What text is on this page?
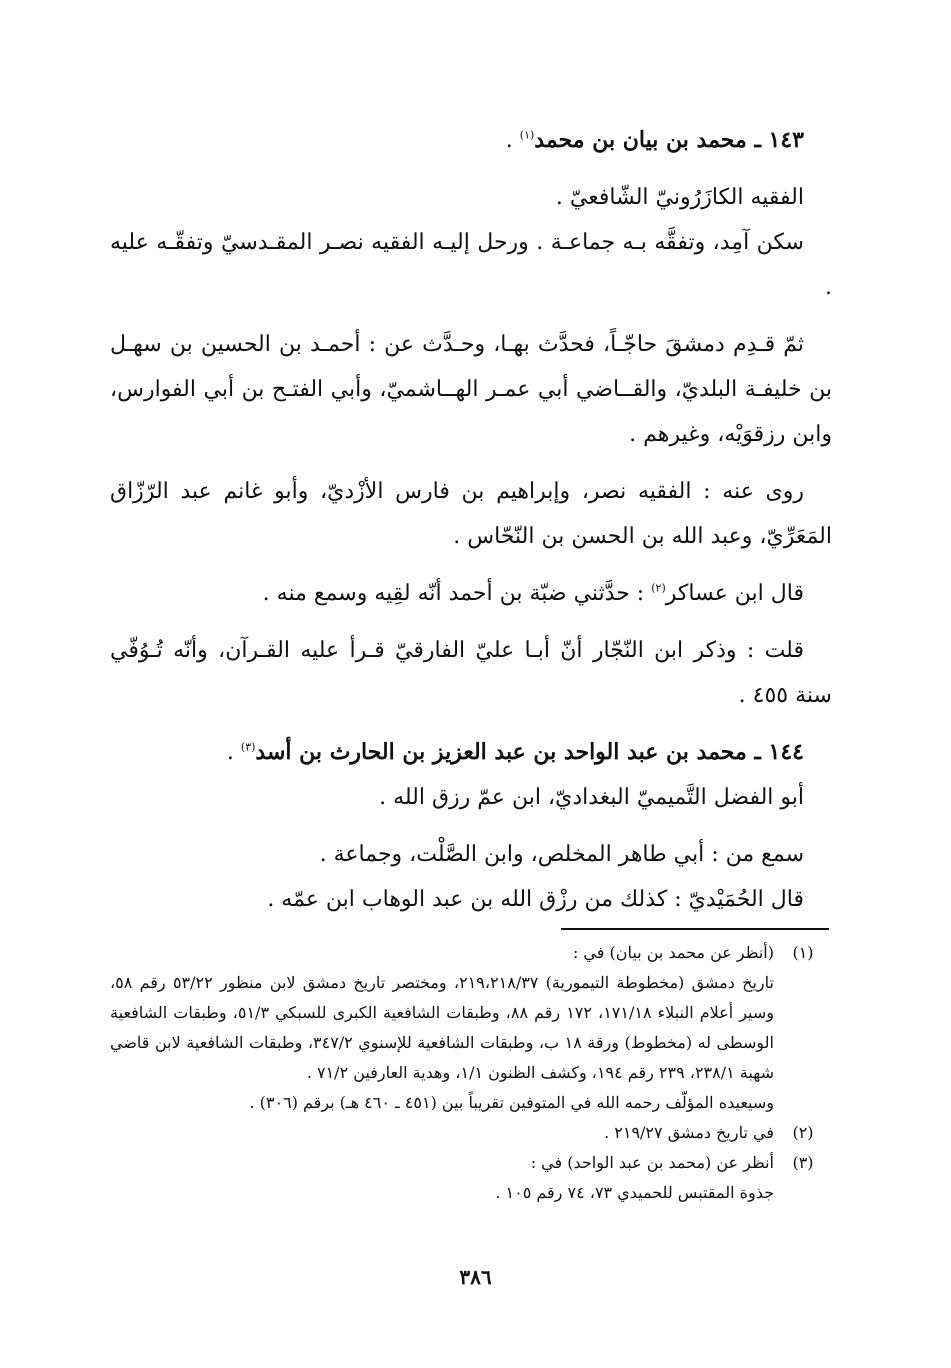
١٤٣ ـ محمد بن بيان بن محمد$^{(١)}$ .

الفقيه الكازَرُونيّ الشّافعيّ .

سكن آمِد، وتفقَّه بـه جماعـة . ورحل إليـه الفقيه نصـر المقـدسيّ وتفقّـه عليه .

ثمّ قـدِم دمشقَ حاجّـاً، فحدَّث بهـا، وحـدَّث عن : أحمـد بن الحسين بن سهـل بن خليفـة البلديّ، والقــاضي أبي عمـر الهــاشميّ، وأبي الفتـح بن أبي الفوارس، وابن رزقوَيْه، وغيرهم .

روى عنه : الفقيه نصر، وإبراهيم بن فارس الأزْديّ، وأبو غانم عبد الرّزّاق المَعَرِّيّ، وعبد الله بن الحسن بن النّحّاس .

قال ابن عساكر$^{(٢)}$ : حدَّثني ضبّة بن أحمد أنّه لقِيه وسمع منه .

قلت : وذكر ابن النّجّار أنّ أبـا عليّ الفارقيّ قـرأ عليه القـرآن، وأنّه تُـوُفّي سنة ٤٥٥ .

١٤٤ ـ محمد بن عبد الواحد بن عبد العزيز بن الحارث بن أسد$^{(٣)}$ .

أبو الفضل التَّميميّ البغداديّ، ابن عمّ رزق الله .

سمع من : أبي طاهر المخلص، وابن الصَّلْت، وجماعة .

قال الحُمَيْديّ : كذلك من رزْق الله بن عبد الوهاب ابن عمّه .

(١)
(أنظر عن محمد بن بيان) في :
تاريخ دمشق (مخطوطة التيمورية) ٢١٩،٢١٨/٣٧، ومختصر تاريخ دمشق لابن منظور ٥٣/٢٢ رقم ٥٨، وسير أعلام النبلاء ١٧١/١٨، ١٧٢ رقم ٨٨، وطبقات الشافعية الكبرى للسبكي ٥١/٣، وطبقات الشافعية الوسطى له (مخطوط) ورقة ١٨ ب، وطبقات الشافعية للإسنوي ٣٤٧/٢، وطبقات الشافعية لابن قاضي شهبة ٢٣٨/١، ٢٣٩ رقم ١٩٤، وكشف الظنون ١/١، وهدية العارفين ٧١/٢ .
وسيعيده المؤلّف رحمه الله في المتوفين تقريباً بين (٤٥١ ـ ٤٦٠ هـ) برقم (٣٠٦) .
(٢)
في تاريخ دمشق ٢١٩/٢٧ .
(٣)
أنظر عن (محمد بن عبد الواحد) في :
جذوة المقتبس للحميدي ٧٣، ٧٤ رقم ١٠٥ .
٣٨٦
